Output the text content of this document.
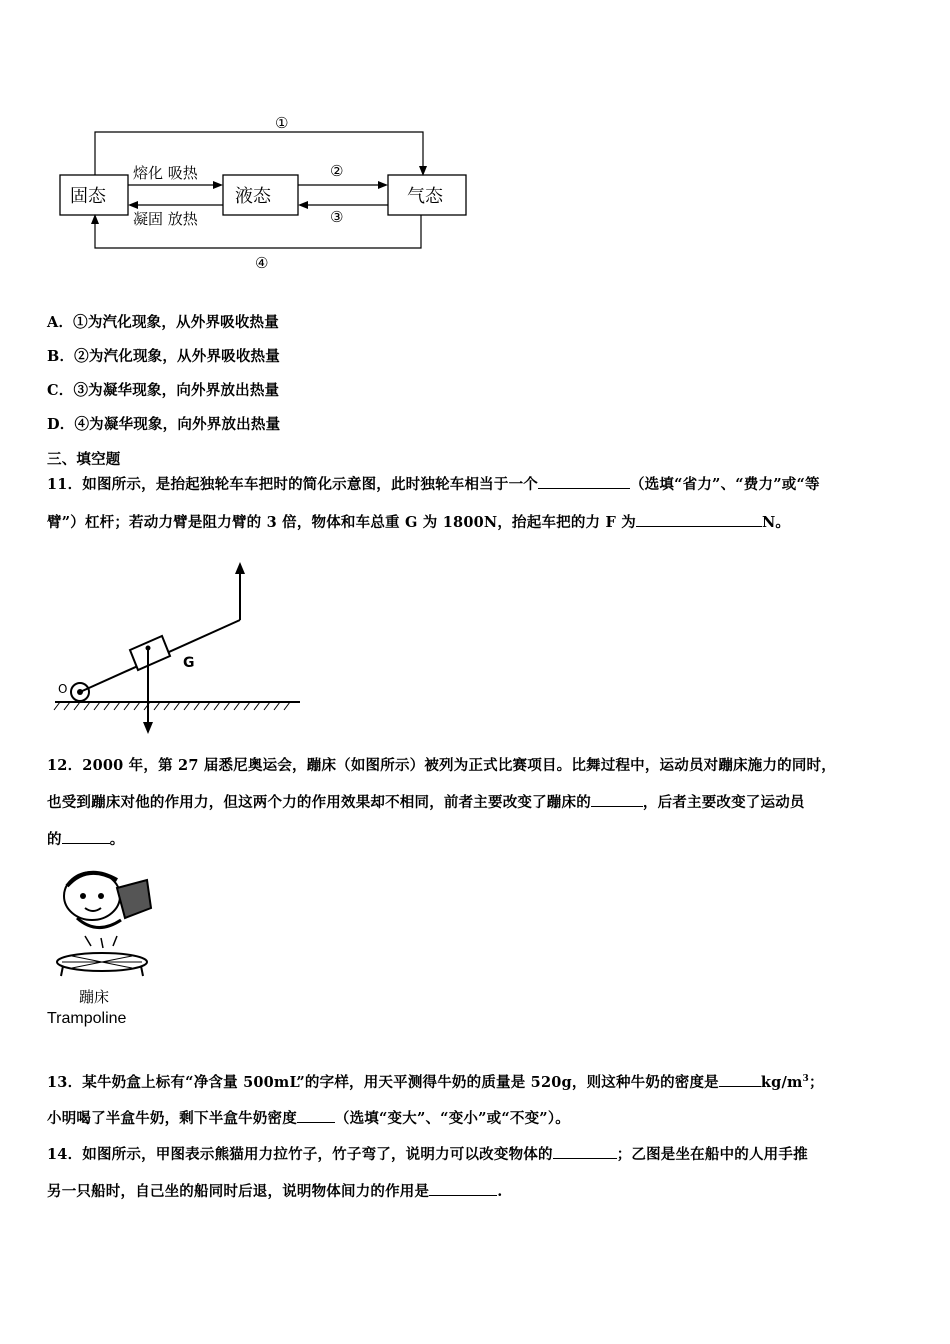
固态	液态	气态
熔化 吸热
凝固 放热
①
②
③
④
A．①为汽化现象，从外界吸收热量
B．②为汽化现象，从外界吸收热量
C．③为凝华现象，向外界放出热量
D．④为凝华现象，向外界放出热量
三、填空题
11．如图所示，是抬起独轮车车把时的简化示意图，此时独轮车相当于一个	（选填“省力”、“费力”或“等
臂”）杠杆；若动力臂是阻力臂的 3 倍，物体和车总重 G 为 1800N，抬起车把的力 F 为	N。
O
G
12．2000 年，第 27 届悉尼奥运会，蹦床（如图所示）被列为正式比赛项目。比舞过程中，运动员对蹦床施力的同时，
也受到蹦床对他的作用力，但这两个力的作用效果却不相同，前者主要改变了蹦床的	，后者主要改变了运动员
的	。
蹦床
Trampoline
13．某牛奶盒上标有“净含量 500mL”的字样，用天平测得牛奶的质量是 520g，则这种牛奶的密度是	$kg/m^3$；
小明喝了半盒牛奶，剩下半盒牛奶密度	（选填“变大”、“变小”或“不变”）。
14．如图所示，甲图表示熊猫用力拉竹子，竹子弯了，说明力可以改变物体的	；乙图是坐在船中的人用手推
另一只船时，自己坐的船同时后退，说明物体间力的作用是	.
